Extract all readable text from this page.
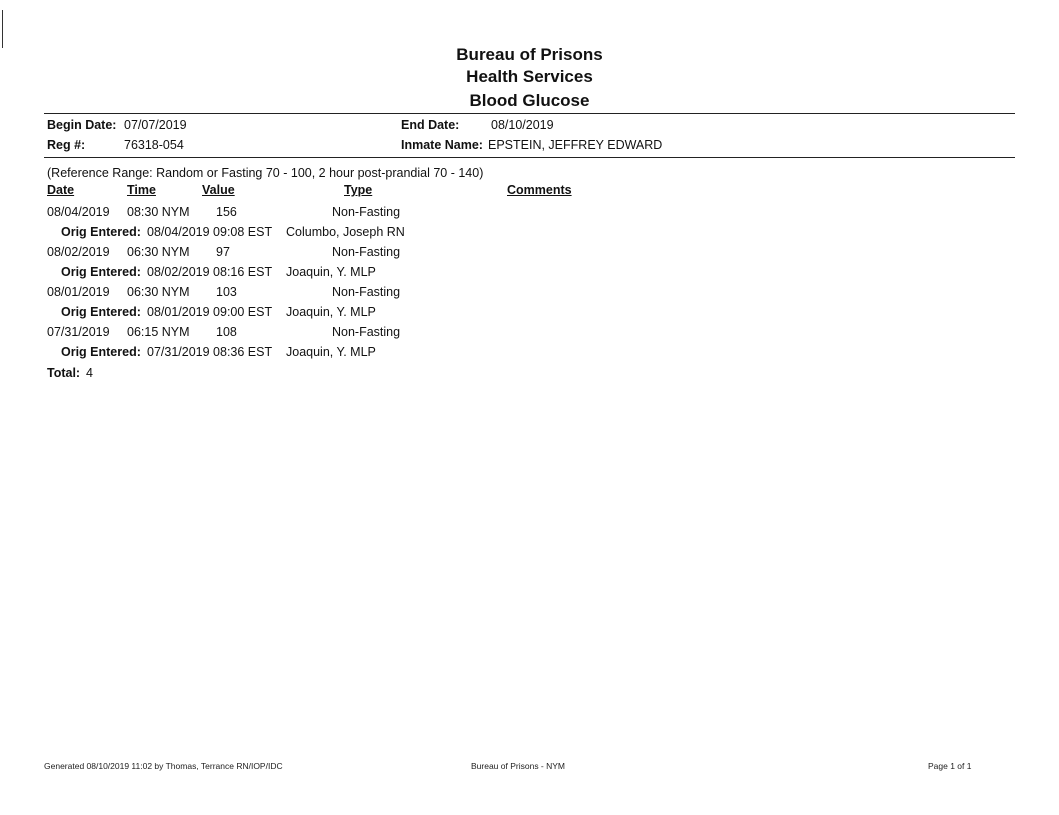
Bureau of Prisons
Health Services
Blood Glucose
Begin Date: 07/07/2019
Reg #:	76318-054
End Date:	08/10/2019
Inmate Name: EPSTEIN, JEFFREY EDWARD
(Reference Range: Random or Fasting 70 - 100, 2 hour post-prandial 70 - 140)
Date	Time	Value	Type	Comments
08/04/2019 08:30 NYM 156	Non-Fasting
Orig Entered: 08/04/2019 09:08 EST Columbo, Joseph RN
08/02/2019 06:30 NYM 97	Non-Fasting
Orig Entered: 08/02/2019 08:16 EST Joaquin, Y. MLP
08/01/2019 06:30 NYM 103	Non-Fasting
Orig Entered: 08/01/2019 09:00 EST Joaquin, Y. MLP
07/31/2019 06:15 NYM 108	Non-Fasting
Orig Entered: 07/31/2019 08:36 EST Joaquin, Y. MLP
Total: 4
Generated 08/10/2019 11:02 by Thomas, Terrance RN/IOP/IDC	Bureau of Prisons - NYM	Page 1 of 1
